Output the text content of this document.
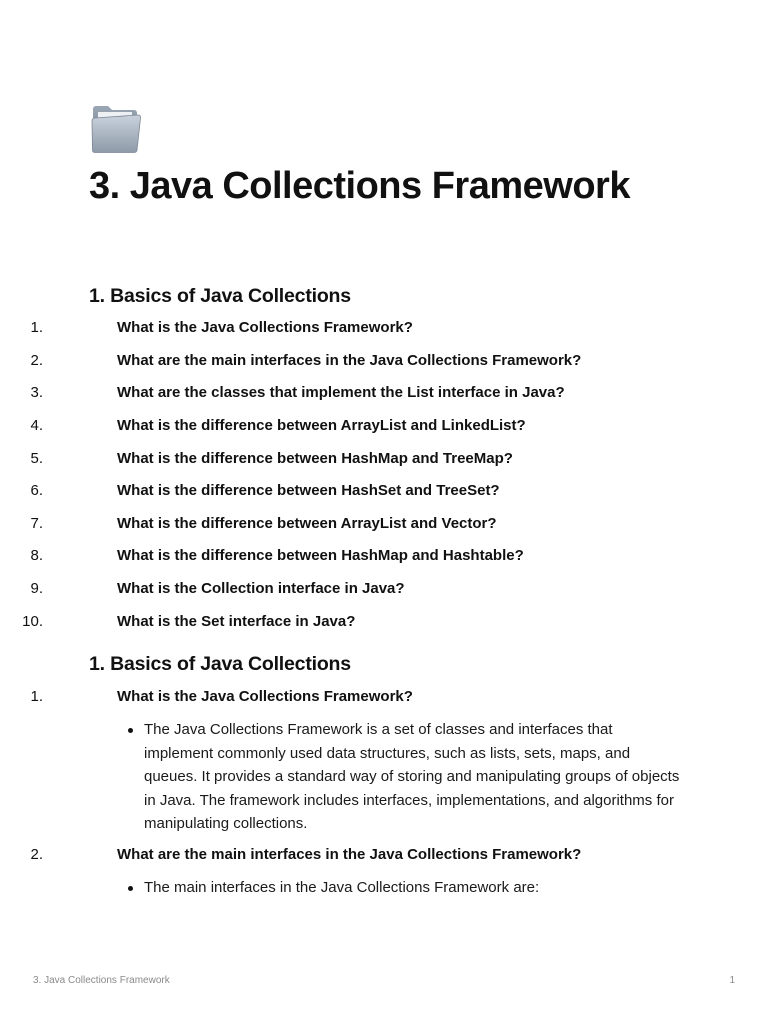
3. Java Collections Framework
1. Basics of Java Collections
1.	What is the Java Collections Framework?
2.	What are the main interfaces in the Java Collections Framework?
3.	What are the classes that implement the List interface in Java?
4.	What is the difference between ArrayList and LinkedList?
5.	What is the difference between HashMap and TreeMap?
6.	What is the difference between HashSet and TreeSet?
7.	What is the difference between ArrayList and Vector?
8.	What is the difference between HashMap and Hashtable?
9.	What is the Collection interface in Java?
10.	What is the Set interface in Java?
1. Basics of Java Collections
1.	What is the Java Collections Framework?
2.	What are the main interfaces in the Java Collections Framework?

The Java Collections Framework is a set of classes and interfaces that implement commonly used data structures, such as lists, sets, maps, and queues. It provides a standard way of storing and manipulating groups of objects in Java. The framework includes interfaces, implementations, and algorithms for manipulating collections.

The main interfaces in the Java Collections Framework are:

3. Java Collections Framework	1
